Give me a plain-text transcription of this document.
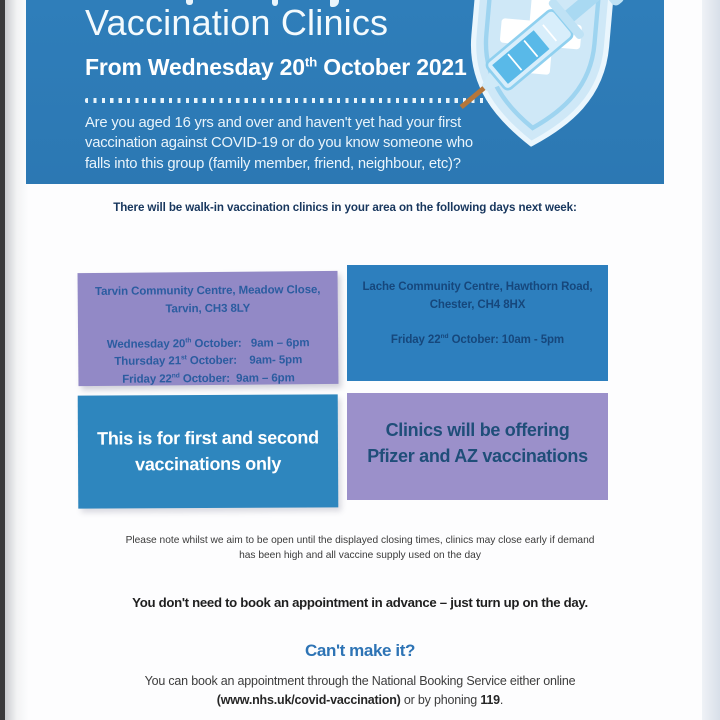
Vaccination Clinics
From Wednesday 20th October 2021
Are you aged 16 yrs and over and haven't yet had your first
vaccination against COVID-19 or do you know someone who
falls into this group (family member, friend, neighbour, etc)?
There will be walk-in vaccination clinics in your area on the following days next week:
Tarvin Community Centre, Meadow Close,
Tarvin, CH3 8LY
Wednesday 20th October:   9am – 6pm
Thursday 21st October:    9am- 5pm
Friday 22nd October:  9am – 6pm
Lache Community Centre, Hawthorn Road,
Chester, CH4 8HX
Friday 22nd October: 10am - 5pm
This is for first and second
vaccinations only
Clinics will be offering
Pfizer and AZ vaccinations
Please note whilst we aim to be open until the displayed closing times, clinics may close early if demand
has been high and all vaccine supply used on the day
You don't need to book an appointment in advance – just turn up on the day.
Can't make it?
You can book an appointment through the National Booking Service either online
(www.nhs.uk/covid-vaccination) or by phoning 119.
